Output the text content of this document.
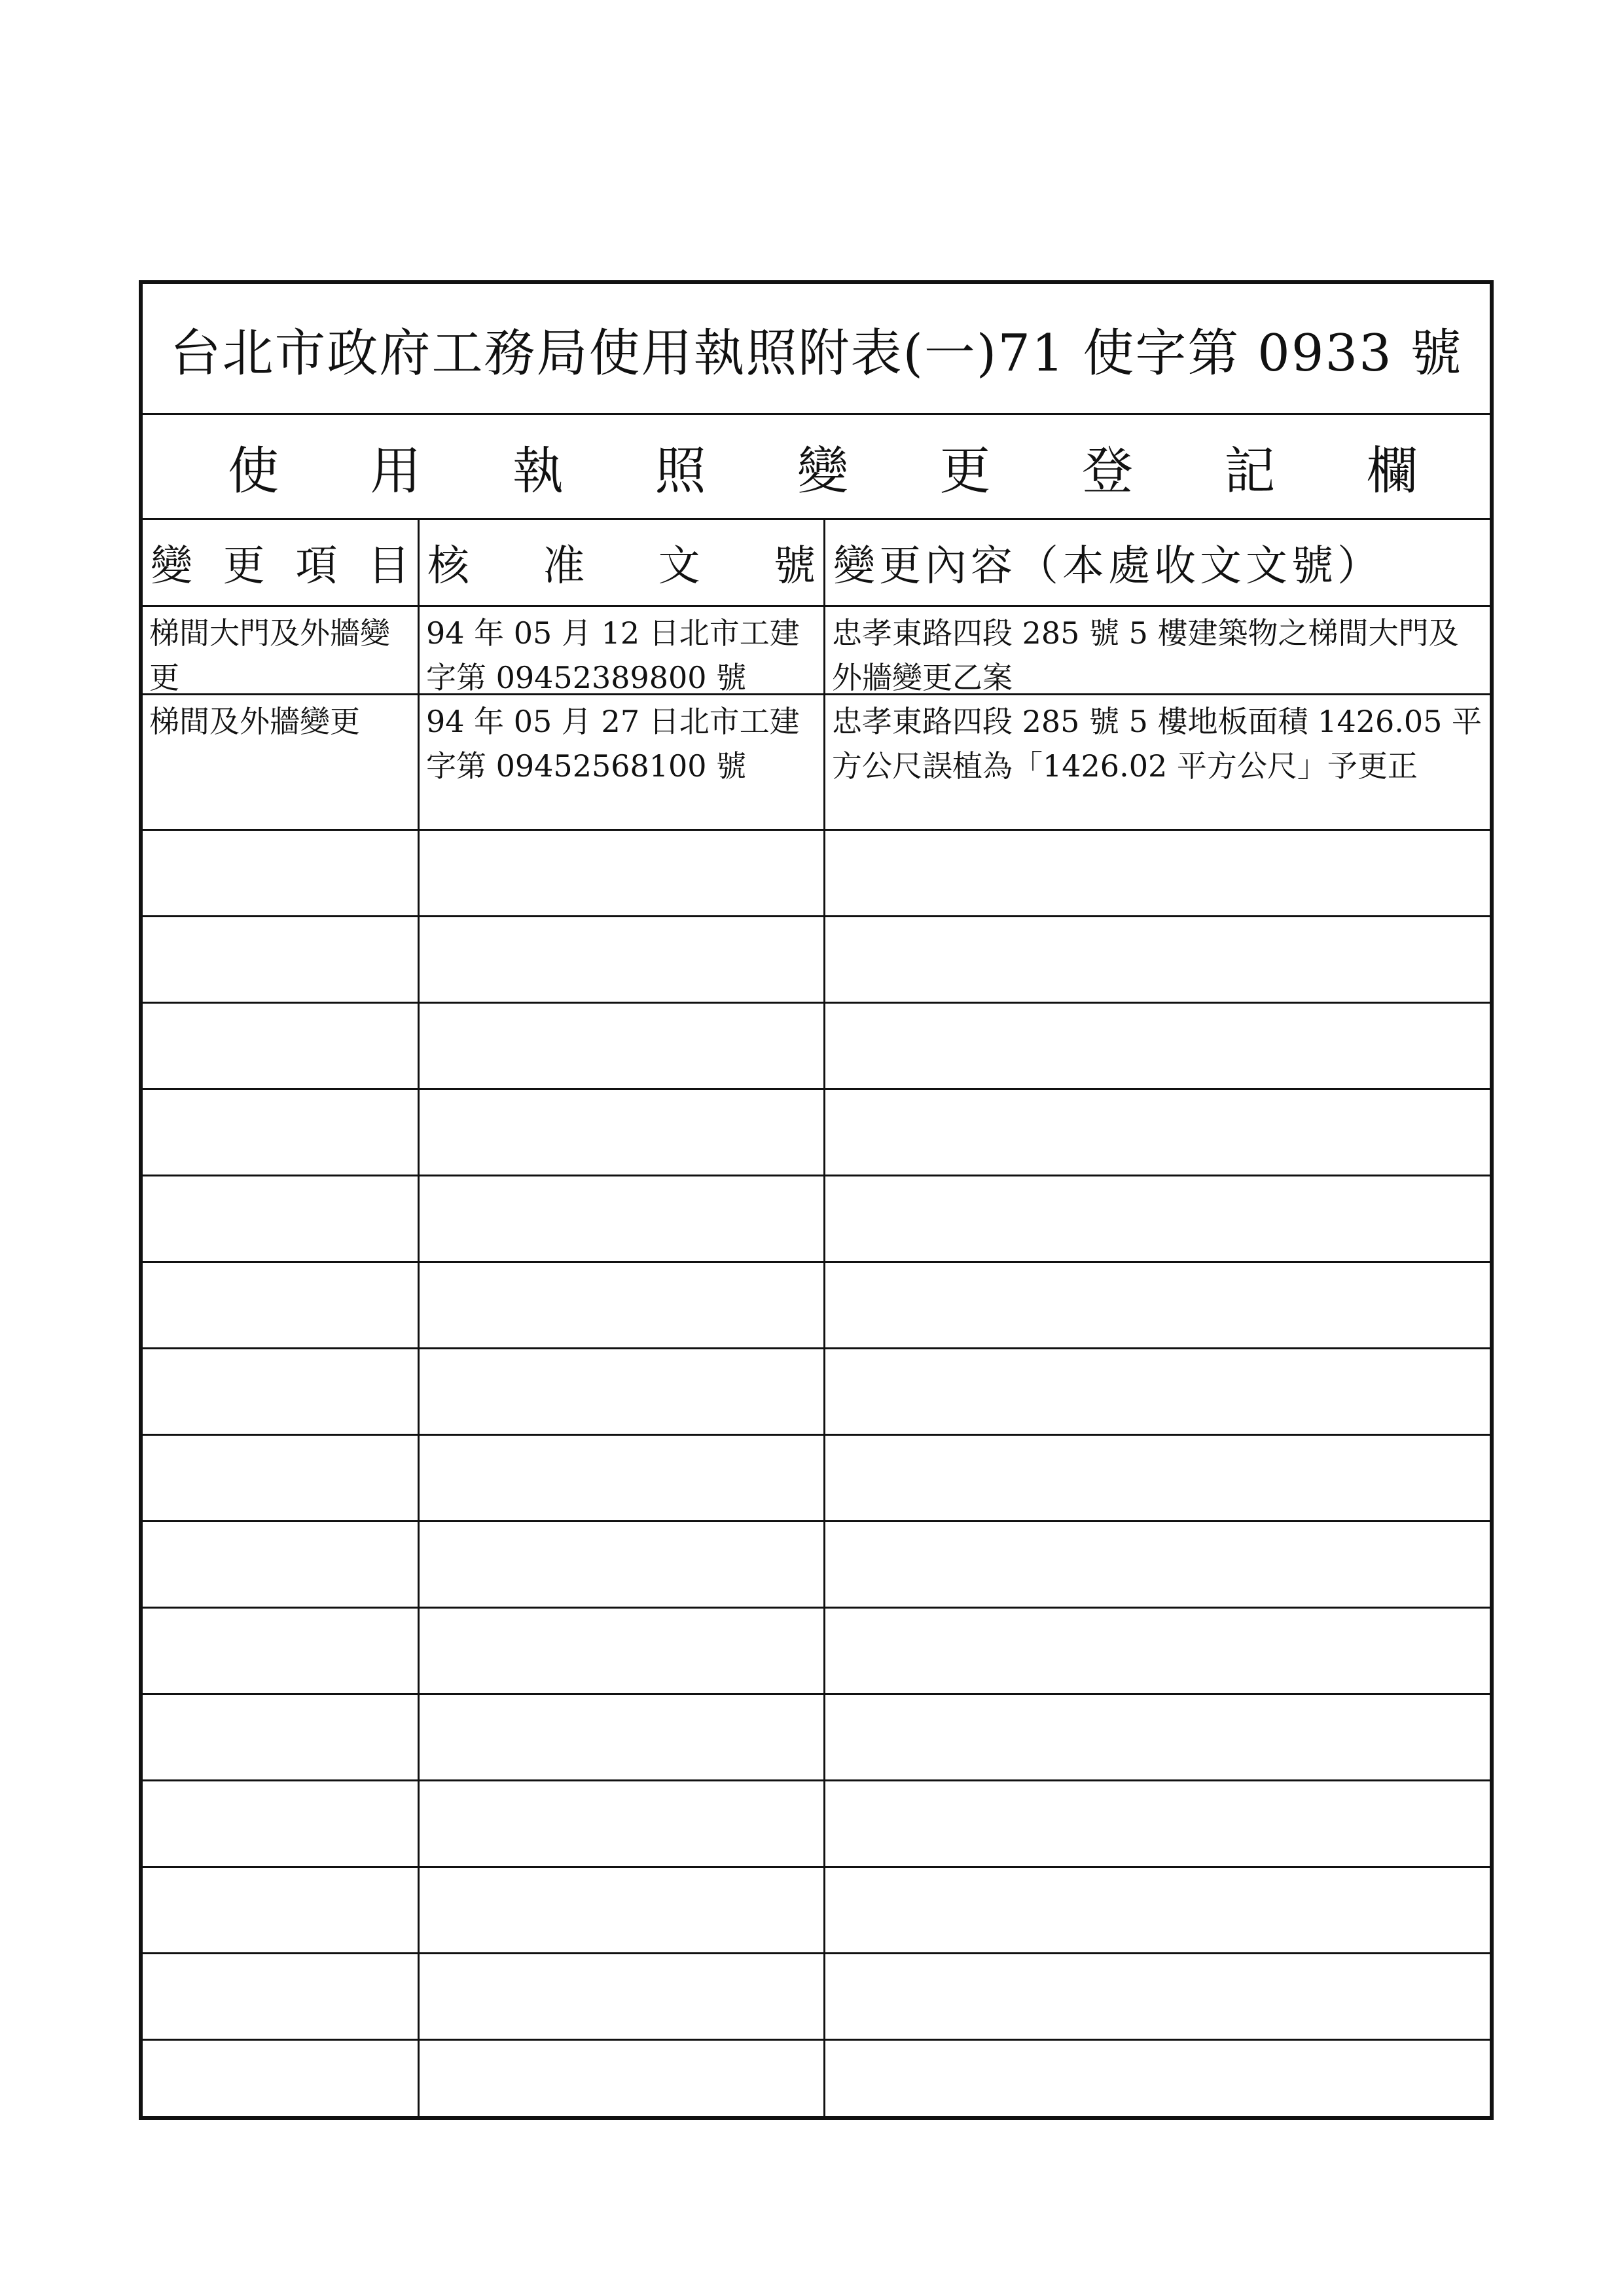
台北市政府工務局使用執照附表(一)71 使字第 0933 號
使 用 執 照 變 更 登 記 欄
變 更 項 目 核 准 文 號 變更內容（本處收文文號）
梯間大門及外牆變更
94 年 05 月 12 日北市工建字第 09452389800 號
忠孝東路四段 285 號 5 樓建築物之梯間大門及外牆變更乙案
梯間及外牆變更	94 年 05 月 27 日北市工建字第 09452568100 號
忠孝東路四段 285 號 5 樓地板面積 1426.05 平方公尺誤植為「1426.02 平方公尺」予更正
